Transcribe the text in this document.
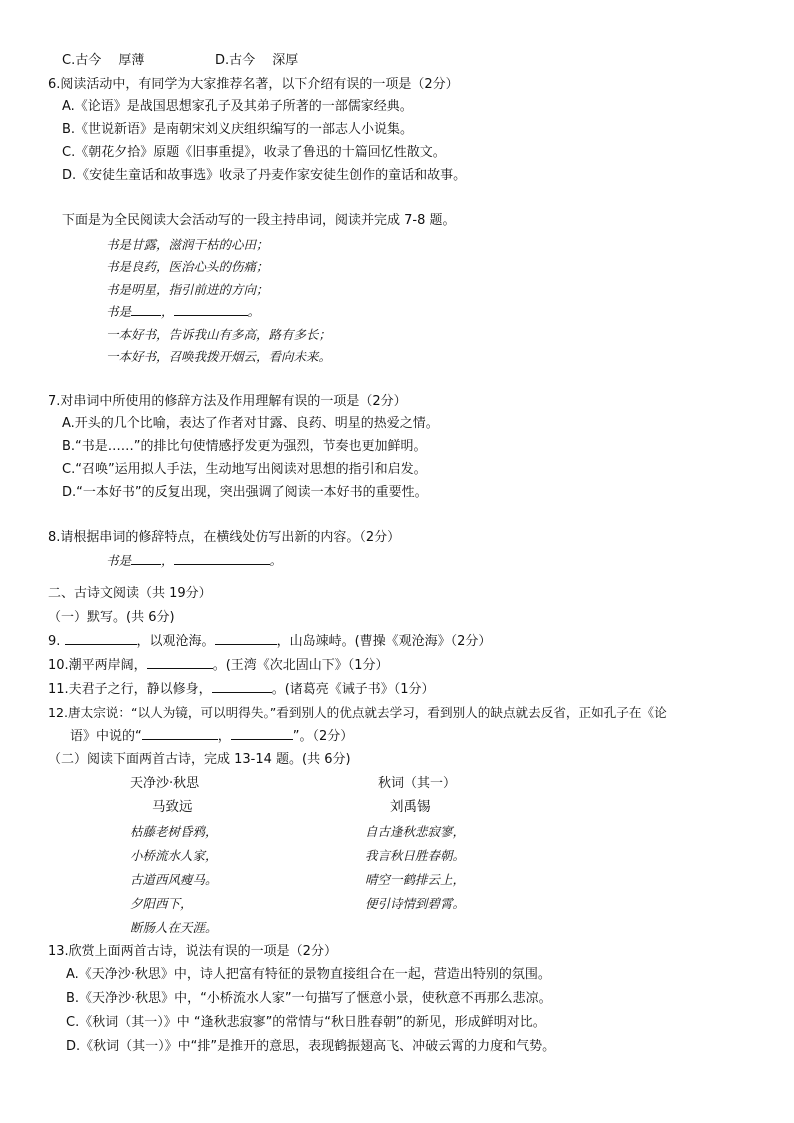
C.古今　 厚薄	D.古今　 深厚
6.阅读活动中，有同学为大家推荐名著，以下介绍有误的一项是（2分）
A.《论语》是战国思想家孔子及其弟子所著的一部儒家经典。
B.《世说新语》是南朝宋刘义庆组织编写的一部志人小说集。
C.《朝花夕拾》原题《旧事重提》，收录了鲁迅的十篇回忆性散文。
D.《安徒生童话和故事选》收录了丹麦作家安徒生创作的童话和故事。
下面是为全民阅读大会活动写的一段主持串词，阅读并完成 7-8 题。
书是甘露，滋润干枯的心田；
书是良药，医治心头的伤痛；
书是明星，指引前进的方向；
书是 ，	。
一本好书，告诉我山有多高，路有多长；
一本好书，召唤我拨开烟云，看向未来。
7.对串词中所使用的修辞方法及作用理解有误的一项是（2分）
A.开头的几个比喻，表达了作者对甘露、良药、明星的热爱之情。
B.“书是……”的排比句使情感抒发更为强烈，节奏也更加鲜明。
C.“召唤”运用拟人手法，生动地写出阅读对思想的指引和启发。
D.“一本好书”的反复出现，突出强调了阅读一本好书的重要性。
8.请根据串词的修辞特点，在横线处仿写出新的内容。（2分）
书是 ，	。
二、古诗文阅读（共 19分）
（一）默写。(共 6分)
9.	，以观沧海。	，山岛竦峙。(曹操《观沧海》（2分）
10.潮平两岸阔，	。(王湾《次北固山下》（1分）
11.夫君子之行，静以修身，	。(诸葛亮《诫子书》（1分）
12.唐太宗说：“以人为镜，可以明得失。”看到别人的优点就去学习，看到别人的缺点就去反省，正如孔子在《论
语》中说的“	，	”。（2分）
（二）阅读下面两首古诗，完成 13-14 题。(共 6分)
天净沙·秋思
马致远
枯藤老树昏鸦，
小桥流水人家，
古道西风瘦马。
夕阳西下，
断肠人在天涯。
秋词（其一）
刘禹锡
自古逢秋悲寂寥，
我言秋日胜春朝。
晴空一鹤排云上，
便引诗情到碧霄。
13.欣赏上面两首古诗，说法有误的一项是（2分）
A.《天净沙·秋思》中，诗人把富有特征的景物直接组合在一起，营造出特别的氛围。
B.《天净沙·秋思》中，“小桥流水人家”一句描写了惬意小景，使秋意不再那么悲凉。
C.《秋词（其一）》中 “逢秋悲寂寥”的常情与“秋日胜春朝”的新见，形成鲜明对比。
D.《秋词（其一）》中“排”是推开的意思，表现鹤振翅高飞、冲破云霄的力度和气势。
